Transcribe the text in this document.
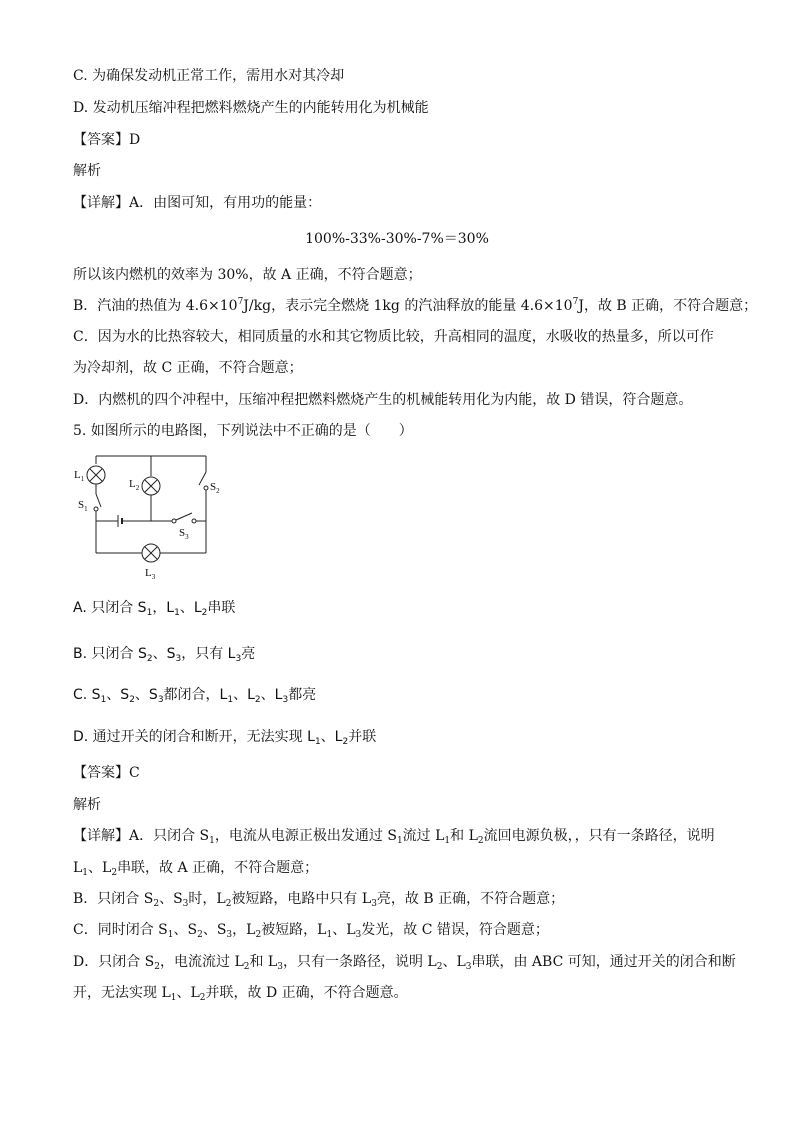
C. 为确保发动机正常工作，需用水对其冷却
D. 发动机压缩冲程把燃料燃烧产生的内能转用化为机械能
【答案】D
解析
【详解】A．由图可知，有用功的能量：
100%-33%-30%-7%＝30%
所以该内燃机的效率为 30%，故 A 正确，不符合题意；
B．汽油的热值为 $4.6\times 10^7J/kg$，表示完全燃烧 1kg 的汽油释放的能量 $4.6\times 10^7J$，故 B 正确，不符合题意；
C．因为水的比热容较大，相同质量的水和其它物质比较，升高相同的温度，水吸收的热量多，所以可作
为冷却剂，故 C 正确，不符合题意；
D．内燃机的四个冲程中，压缩冲程把燃料燃烧产生的机械能转用化为内能，故 D 错误，符合题意。
5. 如图所示的电路图，下列说法中不正确的是（　　）
$L_1$
$S_1$
$L_2$	$S_2$
$S_3$
$L_3$
A. 只闭合 $S_1$，$L_1$、$L_2$串联
B. 只闭合 $S_2$、$S_3$，只有 $L_3$亮
C. $S_1$、$S_2$、$S_3$都闭合，$L_1$、$L_2$、$L_3$都亮
D. 通过开关的闭合和断开，无法实现 $L_1$、$L_2$并联
【答案】C
解析
【详解】A．只闭合 $S_1$，电流从电源正极出发通过 $S_1$流过 $L_1$和 $L_2$流回电源负极，，只有一条路径，说明
$L_1$、$L_2$串联，故 A 正确，不符合题意；
B．只闭合 $S_2$、$S_3$时，$L_2$被短路，电路中只有 $L_3$亮，故 B 正确，不符合题意；
C．同时闭合 $S_1$、$S_2$、$S_3$，$L_2$被短路，$L_1$、$L_3$发光，故 C 错误，符合题意；
D．只闭合 $S_2$，电流流过 $L_2$和 $L_3$，只有一条路径，说明 $L_2$、$L_3$串联，由 ABC 可知，通过开关的闭合和断
开，无法实现 $L_1$、$L_2$并联，故 D 正确，不符合题意。
